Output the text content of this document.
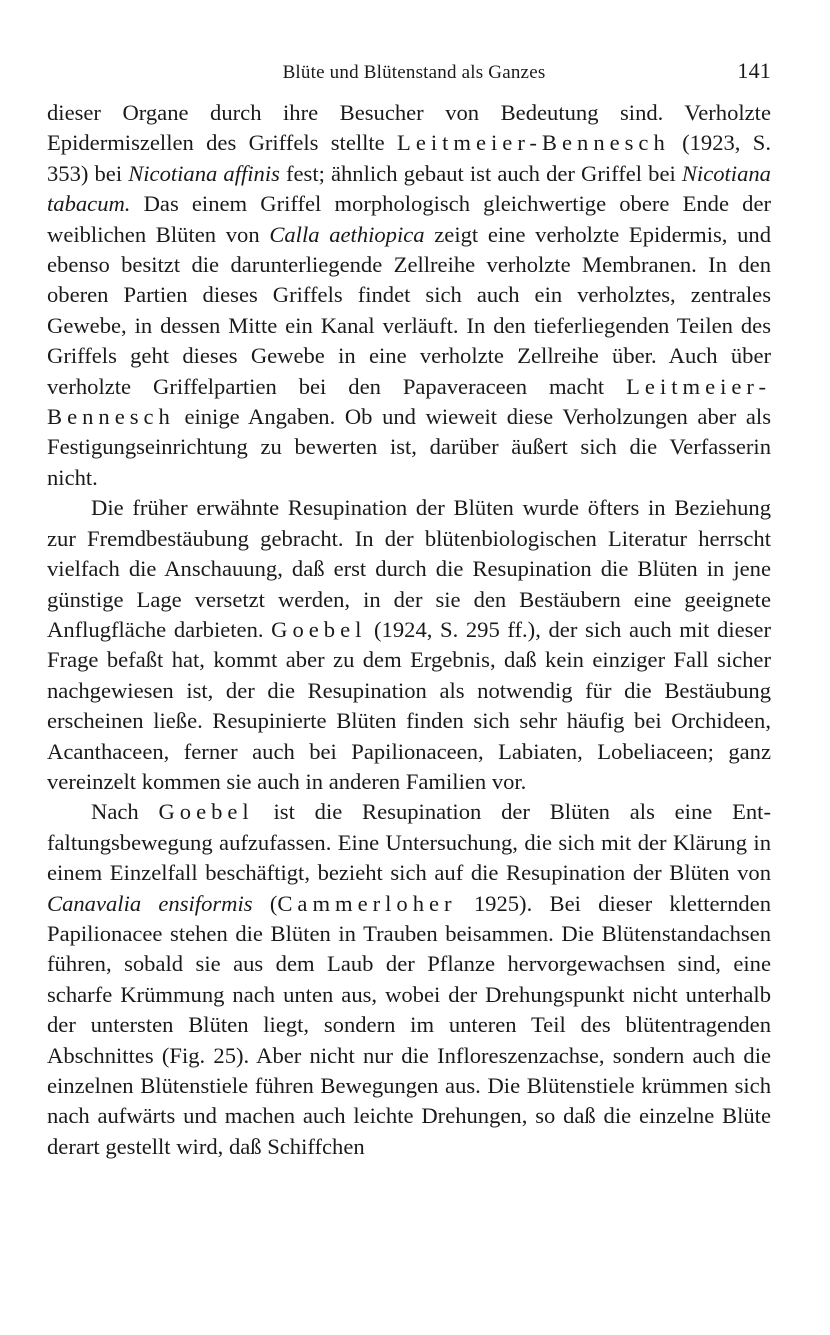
Blüte und Blütenstand als Ganzes	141

dieser Organe durch ihre Besucher von Bedeutung sind. Verholzte Epidermiszellen des Griffels stellte Leitmeier-Bennesch (1923, S. 353) bei Nicotiana affinis fest; ähnlich gebaut ist auch der Griffel bei Nicotiana tabacum. Das einem Griffel morphologisch gleichwertige obere Ende der weiblichen Blüten von Calla aethiopica zeigt eine verholzte Epidermis, und ebenso besitzt die darunterliegende Zellreihe verholzte Membranen. In den oberen Partien dieses Griffels findet sich auch ein verholztes, zentrales Gewebe, in dessen Mitte ein Kanal verläuft. In den tieferliegenden Teilen des Griffels geht dieses Gewebe in eine verholzte Zellreihe über. Auch über verholzte Griffelpartien bei den Papaveraceen macht Leitmeier-Bennesch einige Angaben. Ob und wieweit diese Verholzungen aber als Festigungseinrichtung zu bewerten ist, darüber äußert sich die Verfasserin nicht.

Die früher erwähnte Resupination der Blüten wurde öfters in Beziehung zur Fremdbestäubung gebracht. In der blütenbiologischen Literatur herrscht vielfach die Anschauung, daß erst durch die Resupination die Blüten in jene günstige Lage versetzt werden, in der sie den Bestäubern eine geeignete Anflugfläche darbieten. Goebel (1924, S. 295 ff.), der sich auch mit dieser Frage befaßt hat, kommt aber zu dem Ergebnis, daß kein einziger Fall sicher nachgewiesen ist, der die Resupination als notwendig für die Bestäubung erscheinen ließe. Resupinierte Blüten finden sich sehr häufig bei Orchideen, Acanthaceen, ferner auch bei Papilionaceen, Labiaten, Lobeliaceen; ganz vereinzelt kommen sie auch in anderen Familien vor.

Nach Goebel ist die Resupination der Blüten als eine Entfaltungsbewegung aufzufassen. Eine Untersuchung, die sich mit der Klärung in einem Einzelfall beschäftigt, bezieht sich auf die Resupination der Blüten von Canavalia ensiformis (Cammerloher 1925). Bei dieser kletternden Papilionacee stehen die Blüten in Trauben beisammen. Die Blütenstandachsen führen, sobald sie aus dem Laub der Pflanze hervorgewachsen sind, eine scharfe Krümmung nach unten aus, wobei der Drehungspunkt nicht unterhalb der untersten Blüten liegt, sondern im unteren Teil des blütentragenden Abschnittes (Fig. 25). Aber nicht nur die Infloreszenzachse, sondern auch die einzelnen Blütenstiele führen Bewegungen aus. Die Blütenstiele krümmen sich nach aufwärts und machen auch leichte Drehungen, so daß die einzelne Blüte derart gestellt wird, daß Schiffchen
